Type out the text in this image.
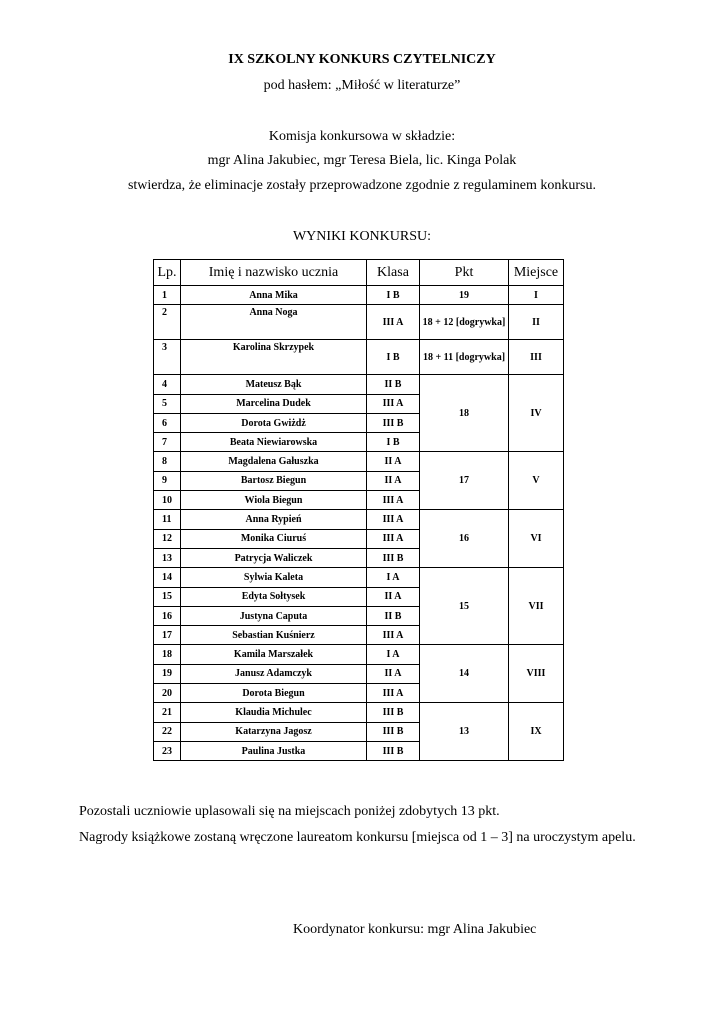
IX SZKOLNY KONKURS CZYTELNICZY
pod hasłem: „Miłość w literaturze”
Komisja konkursowa w składzie:
mgr Alina Jakubiec, mgr Teresa Biela, lic. Kinga Polak
stwierdza, że eliminacje zostały przeprowadzone zgodnie z regulaminem konkursu.
WYNIKI KONKURSU:
Lp.	Imię i nazwisko ucznia	Klasa	Pkt	Miejsce
1	Anna Mika	I B	19	I
2	Anna Noga	III A	18 + 12 [dogrywka]	II
3	Karolina Skrzypek	I B	18 + 11 [dogrywka]	III
4	Mateusz Bąk	II B	18	IV
5	Marcelina Dudek	III A		
6	Dorota Gwiżdż	III B		
7	Beata Niewiarowska	I B		
8	Magdalena Gałuszka	II A	17	V
9	Bartosz Biegun	II A		
10	Wiola Biegun	III A		
11	Anna Rypień	III A	16	VI
12	Monika Ciuruś	III A		
13	Patrycja Waliczek	III B		
14	Sylwia Kaleta	I A	15	VII
15	Edyta Sołtysek	II A		
16	Justyna Caputa	II B		
17	Sebastian Kuśnierz	III A		
18	Kamila Marszałek	I A	14	VIII
19	Janusz Adamczyk	II A		
20	Dorota Biegun	III A		
21	Klaudia Michulec	III B	13	IX
22	Katarzyna Jagosz	III B		
23	Paulina Justka	III B		
Pozostali uczniowie uplasowali się na miejscach poniżej zdobytych 13 pkt.
Nagrody książkowe zostaną wręczone laureatom konkursu [miejsca od 1 – 3] na uroczystym apelu.
Koordynator konkursu: mgr Alina Jakubiec
